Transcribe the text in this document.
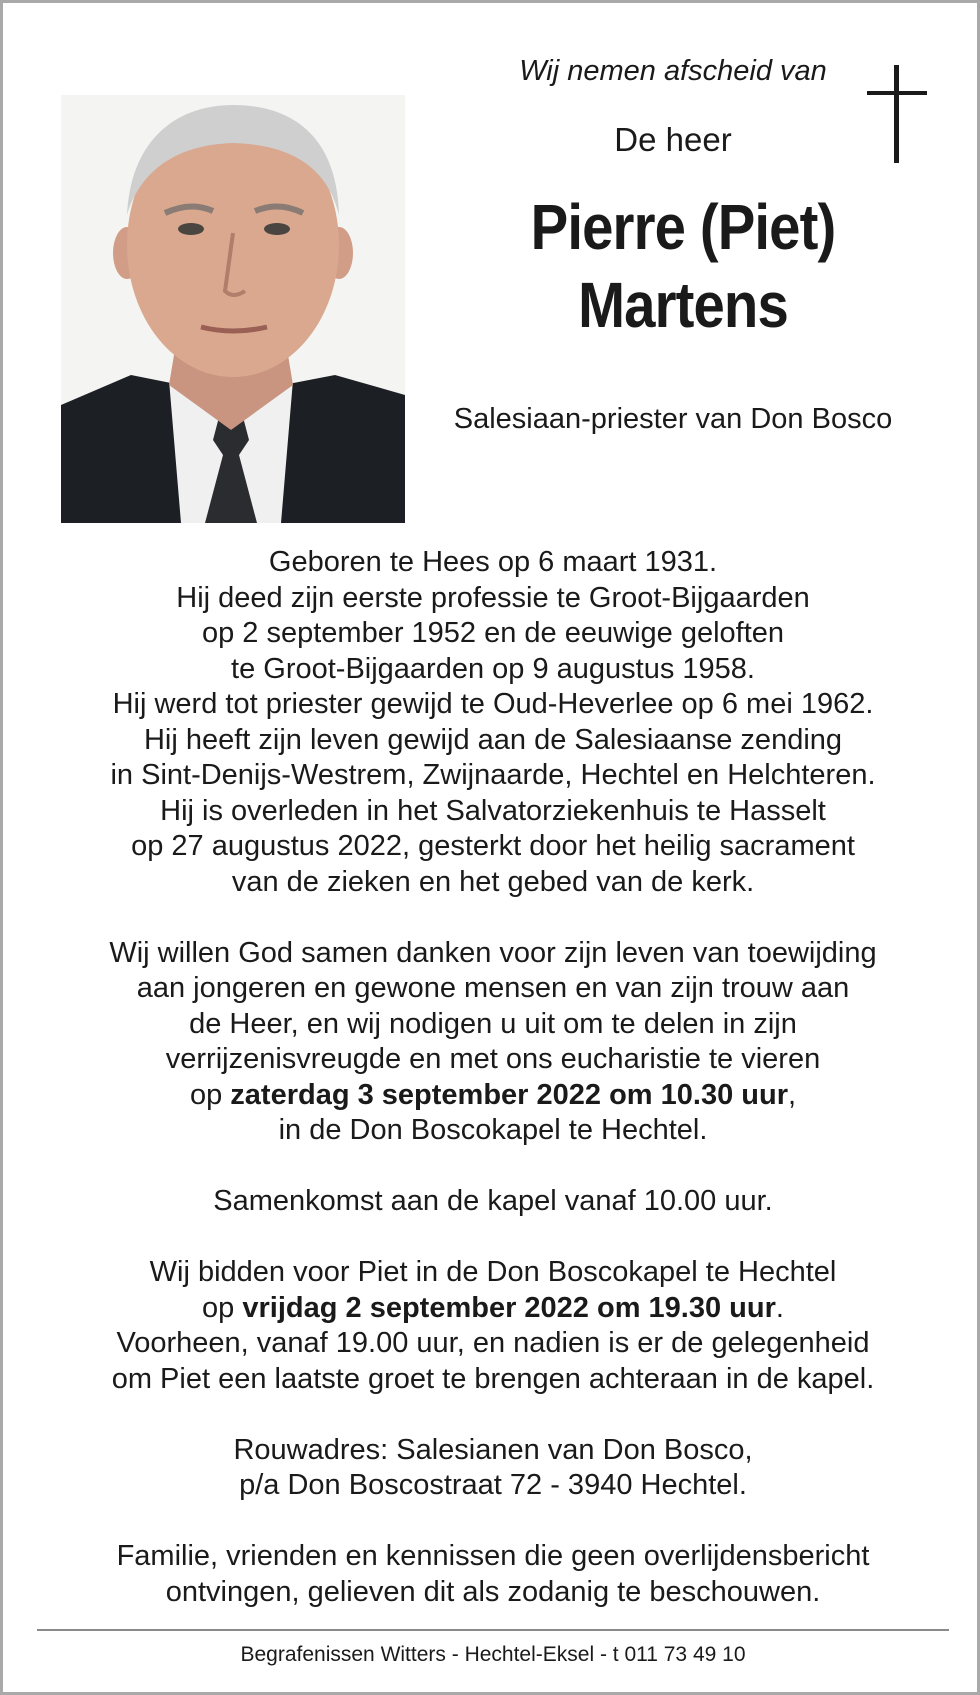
Wij nemen afscheid van
De heer
Pierre (Piet)
Martens
Salesiaan-priester van Don Bosco
Geboren te Hees op 6 maart 1931.
Hij deed zijn eerste professie te Groot-Bijgaarden
op 2 september 1952 en de eeuwige geloften
te Groot-Bijgaarden op 9 augustus 1958.
Hij werd tot priester gewijd te Oud-Heverlee op 6 mei 1962.
Hij heeft zijn leven gewijd aan de Salesiaanse zending
in Sint-Denijs-Westrem, Zwijnaarde, Hechtel en Helchteren.
Hij is overleden in het Salvatorziekenhuis te Hasselt
op 27 augustus 2022, gesterkt door het heilig sacrament
van de zieken en het gebed van de kerk.
Wij willen God samen danken voor zijn leven van toewijding
aan jongeren en gewone mensen en van zijn trouw aan
de Heer, en wij nodigen u uit om te delen in zijn
verrijzenisvreugde en met ons eucharistie te vieren
op zaterdag 3 september 2022 om 10.30 uur,
in de Don Boscokapel te Hechtel.
Samenkomst aan de kapel vanaf 10.00 uur.
Wij bidden voor Piet in de Don Boscokapel te Hechtel
op vrijdag 2 september 2022 om 19.30 uur.
Voorheen, vanaf 19.00 uur, en nadien is er de gelegenheid
om Piet een laatste groet te brengen achteraan in de kapel.
Rouwadres: Salesianen van Don Bosco,
p/a Don Boscostraat 72 - 3940 Hechtel.
Familie, vrienden en kennissen die geen overlijdensbericht
ontvingen, gelieven dit als zodanig te beschouwen.
Begrafenissen Witters - Hechtel-Eksel - t 011 73 49 10
